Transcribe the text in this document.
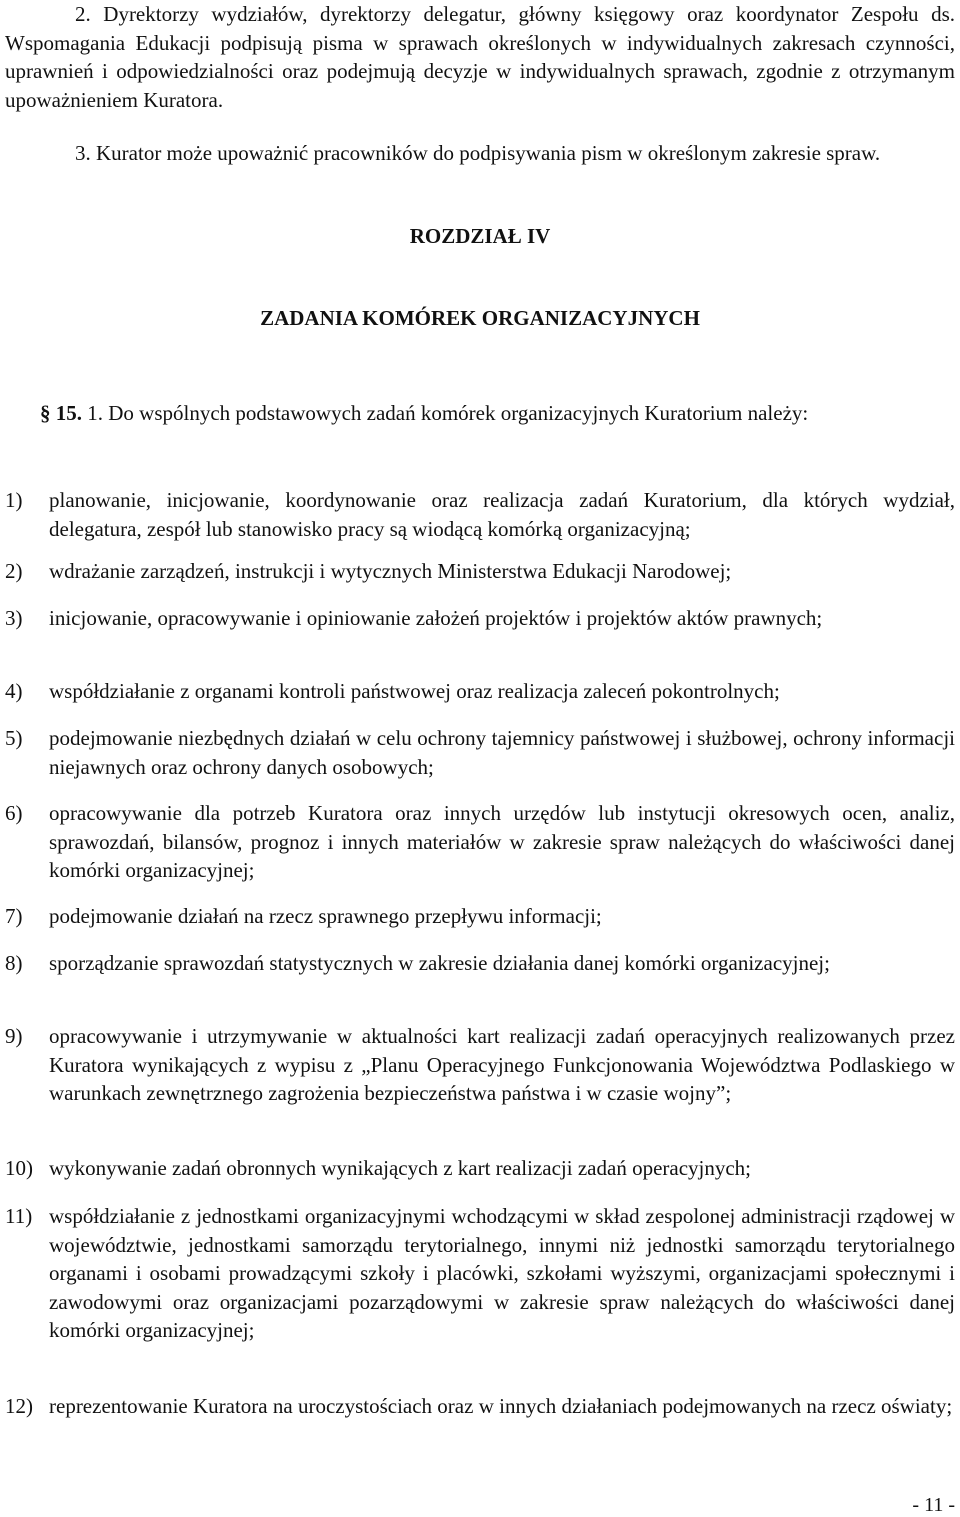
2. Dyrektorzy wydziałów, dyrektorzy delegatur, główny księgowy oraz koordynator Zespołu ds. Wspomagania Edukacji podpisują pisma w sprawach określonych w indywidualnych zakresach czynności, uprawnień i odpowiedzialności oraz podejmują decyzje w indywidualnych sprawach, zgodnie z otrzymanym upoważnieniem Kuratora.

3. Kurator może upoważnić pracowników do podpisywania pism w określonym zakresie spraw.

ROZDZIAŁ IV
ZADANIA KOMÓREK ORGANIZACYJNYCH

§ 15. 1. Do wspólnych podstawowych zadań komórek organizacyjnych Kuratorium należy:

1)	planowanie, inicjowanie, koordynowanie oraz realizacja zadań Kuratorium, dla których wydział, delegatura, zespół lub stanowisko pracy są wiodącą komórką organizacyjną;
2)	wdrażanie zarządzeń, instrukcji i wytycznych Ministerstwa Edukacji Narodowej;
3)	inicjowanie, opracowywanie i opiniowanie założeń projektów i projektów aktów prawnych;
4)	współdziałanie z organami kontroli państwowej oraz realizacja zaleceń pokontrolnych;
5)	podejmowanie niezbędnych działań w celu ochrony tajemnicy państwowej i służbowej, ochrony informacji niejawnych oraz ochrony danych osobowych;
6)	opracowywanie dla potrzeb Kuratora oraz innych urzędów lub instytucji okresowych ocen, analiz, sprawozdań, bilansów, prognoz i innych materiałów w zakresie spraw należących do właściwości danej komórki organizacyjnej;
7)	podejmowanie działań na rzecz sprawnego przepływu informacji;
8)	sporządzanie sprawozdań statystycznych w zakresie działania danej komórki organizacyjnej;
9)	opracowywanie i utrzymywanie w aktualności kart realizacji zadań operacyjnych realizowanych przez Kuratora wynikających z wypisu z „Planu Operacyjnego Funkcjonowania Województwa Podlaskiego w warunkach zewnętrznego zagrożenia bezpieczeństwa państwa i w czasie wojny”;
10) wykonywanie zadań obronnych wynikających z kart realizacji zadań operacyjnych;
11) współdziałanie z jednostkami organizacyjnymi wchodzącymi w skład zespolonej administracji rządowej w województwie, jednostkami samorządu terytorialnego, innymi niż jednostki samorządu terytorialnego organami i osobami prowadzącymi szkoły i placówki, szkołami wyższymi, organizacjami społecznymi i zawodowymi oraz organizacjami pozarządowymi w zakresie spraw należących do właściwości danej komórki organizacyjnej;
12) reprezentowanie Kuratora na uroczystościach oraz w innych działaniach podejmowanych na rzecz oświaty;
- 11 -
